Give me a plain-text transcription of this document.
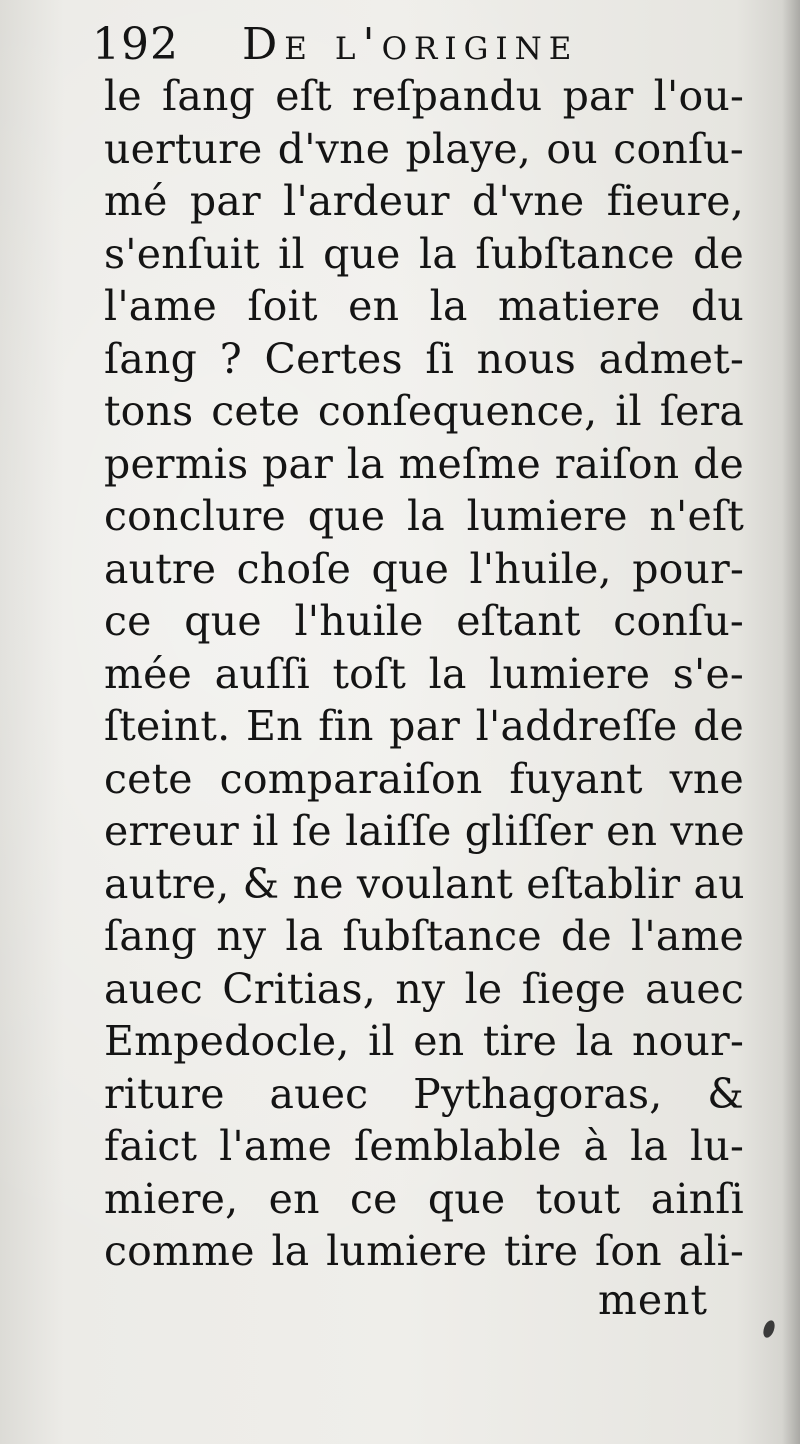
192 De l'origine
le ſang eſt reſpandu par l'ou-
uerture d'vne playe, ou conſu-
mé par l'ardeur d'vne fieure,
s'enſuit il que la ſubſtance de
l'ame ſoit en la matiere du
ſang ? Certes ſi nous admet-
tons cete conſequence, il ſera
permis par la meſme raiſon de
conclure que la lumiere n'eſt
autre choſe que l'huile, pour-
ce que l'huile eſtant conſu-
mée auſſi toſt la lumiere s'e-
ſteint. En fin par l'addreſſe de
cete comparaiſon fuyant vne
erreur il ſe laiſſe gliſſer en vne
autre, & ne voulant eſtablir au
ſang ny la ſubſtance de l'ame
auec Critias, ny le ſiege auec
Empedocle, il en tire la nour-
riture auec Pythagoras, &
faict l'ame ſemblable à la lu-
miere, en ce que tout ainſi
comme la lumiere tire ſon ali-
ment
